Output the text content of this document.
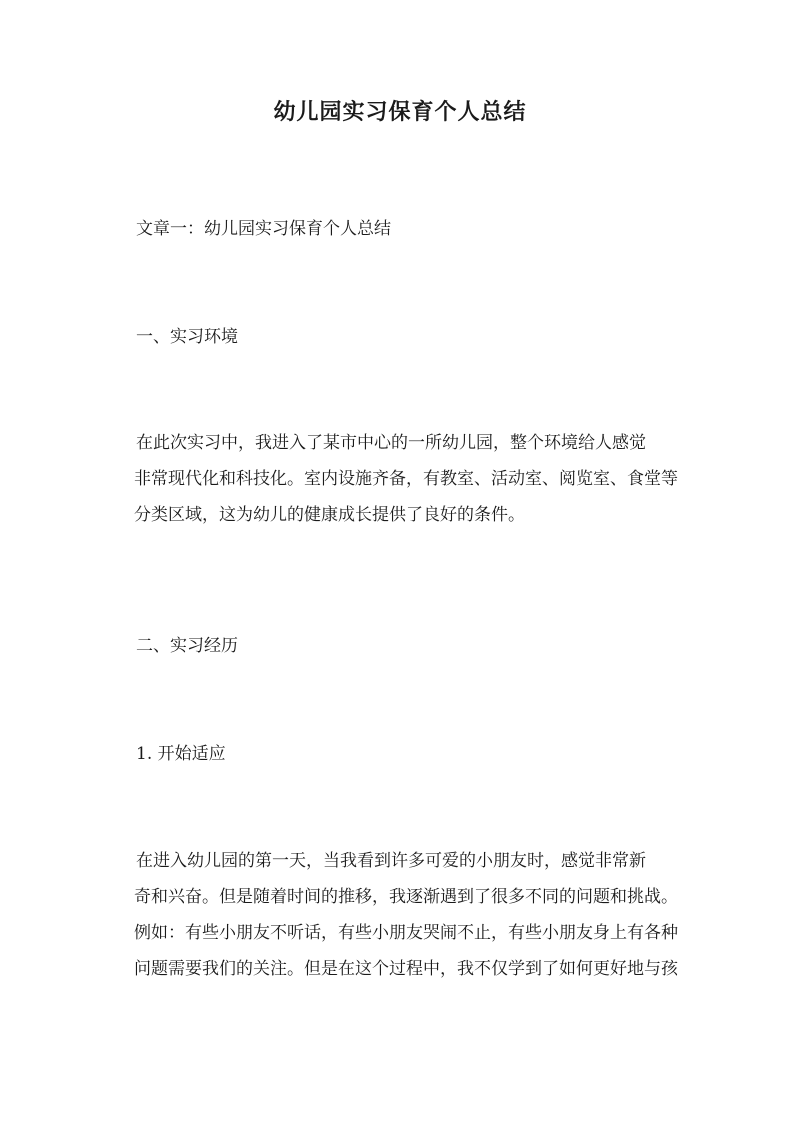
幼儿园实习保育个人总结
文章一：幼儿园实习保育个人总结
一、实习环境
在此次实习中，我进入了某市中心的一所幼儿园，整个环境给人感觉
非常现代化和科技化。室内设施齐备，有教室、活动室、阅览室、食堂等
分类区域，这为幼儿的健康成长提供了良好的条件。
二、实习经历
1. 开始适应
在进入幼儿园的第一天，当我看到许多可爱的小朋友时，感觉非常新
奇和兴奋。但是随着时间的推移，我逐渐遇到了很多不同的问题和挑战。
例如：有些小朋友不听话，有些小朋友哭闹不止，有些小朋友身上有各种
问题需要我们的关注。但是在这个过程中，我不仅学到了如何更好地与孩
